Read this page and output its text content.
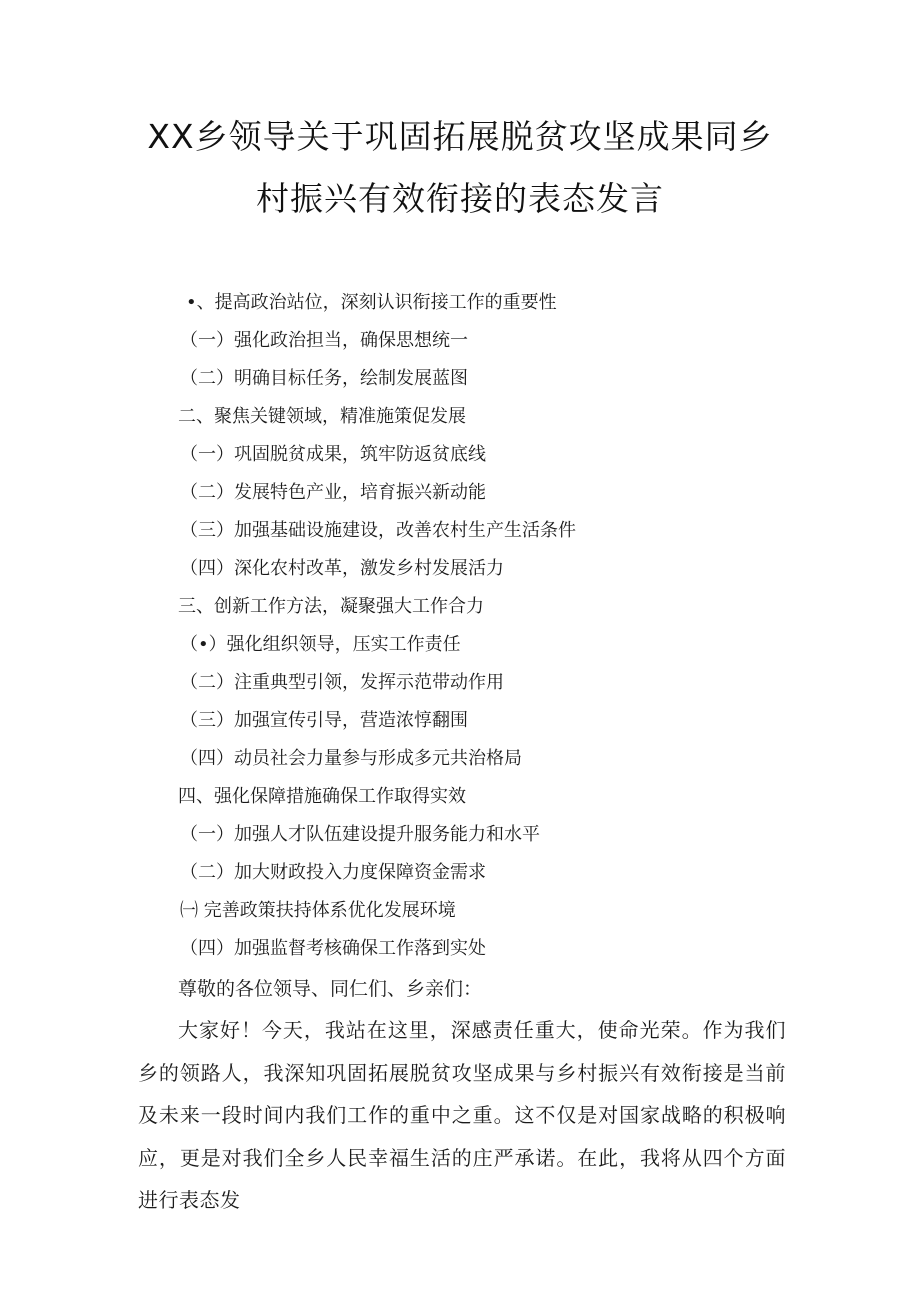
XX乡领导关于巩固拓展脱贫攻坚成果同乡
村振兴有效衔接的表态发言
•、提高政治站位，深刻认识衔接工作的重要性
（一）强化政治担当，确保思想统一
（二）明确目标任务，绘制发展蓝图
二、聚焦关键领域，精准施策促发展
（一）巩固脱贫成果，筑牢防返贫底线
（二）发展特色产业，培育振兴新动能
（三）加强基础设施建设，改善农村生产生活条件
（四）深化农村改革，激发乡村发展活力
三、创新工作方法，凝聚强大工作合力
（•）强化组织领导，压实工作责任
（二）注重典型引领，发挥示范带动作用
（三）加强宣传引导，营造浓惇翻围
（四）动员社会力量参与形成多元共治格局
四、强化保障措施确保工作取得实效
（一）加强人才队伍建设提升服务能力和水平
（二）加大财政投入力度保障资金需求
㈠ 完善政策扶持体系优化发展环境
（四）加强监督考核确保工作落到实处

尊敬的各位领导、同仁们、乡亲们：

大家好！今天，我站在这里，深感责任重大，使命光荣。作为我们乡的领路人，我深知巩固拓展脱贫攻坚成果与乡村振兴有效衔接是当前及未来一段时间内我们工作的重中之重。这不仅是对国家战略的积极响应，更是对我们全乡人民幸福生活的庄严承诺。在此，我将从四个方面进行表态发
